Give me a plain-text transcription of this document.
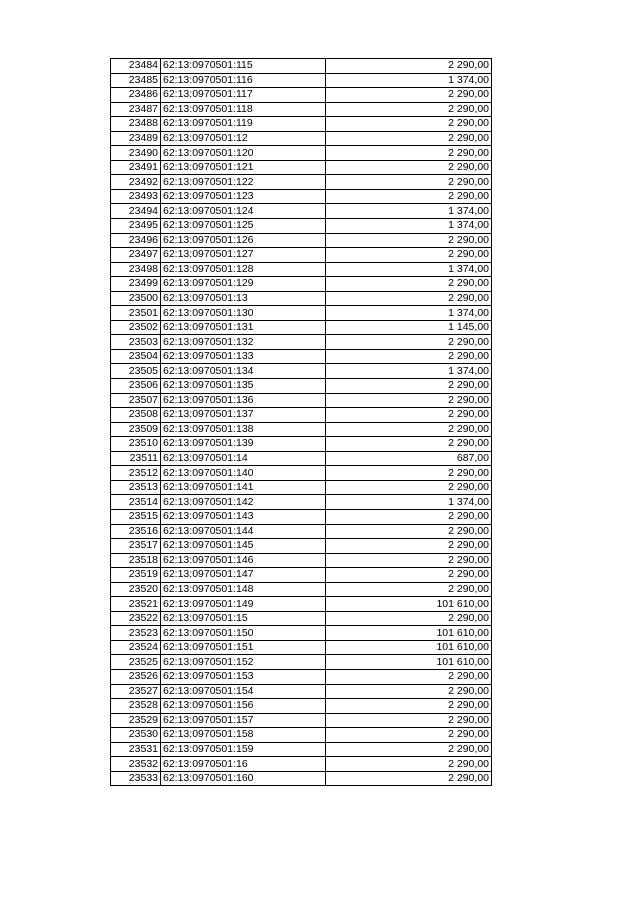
23484	62:13:0970501:115	2 290,00
23485	62:13:0970501:116	1 374,00
23486	62:13:0970501:117	2 290,00
23487	62:13:0970501:118	2 290,00
23488	62:13:0970501:119	2 290,00
23489	62:13:0970501:12	2 290,00
23490	62:13:0970501:120	2 290,00
23491	62:13:0970501:121	2 290,00
23492	62:13:0970501:122	2 290,00
23493	62:13:0970501:123	2 290,00
23494	62:13:0970501:124	1 374,00
23495	62:13:0970501:125	1 374,00
23496	62:13:0970501:126	2 290,00
23497	62:13:0970501:127	2 290,00
23498	62:13:0970501:128	1 374,00
23499	62:13:0970501:129	2 290,00
23500	62:13:0970501:13	2 290,00
23501	62:13:0970501:130	1 374,00
23502	62:13:0970501:131	1 145,00
23503	62:13:0970501:132	2 290,00
23504	62:13:0970501:133	2 290,00
23505	62:13:0970501:134	1 374,00
23506	62:13:0970501:135	2 290,00
23507	62:13:0970501:136	2 290,00
23508	62:13:0970501:137	2 290,00
23509	62:13:0970501:138	2 290,00
23510	62:13:0970501:139	2 290,00
23511	62:13:0970501:14	687,00
23512	62:13:0970501:140	2 290,00
23513	62:13:0970501:141	2 290,00
23514	62:13:0970501:142	1 374,00
23515	62:13:0970501:143	2 290,00
23516	62:13:0970501:144	2 290,00
23517	62:13:0970501:145	2 290,00
23518	62:13:0970501:146	2 290,00
23519	62:13:0970501:147	2 290,00
23520	62:13:0970501:148	2 290,00
23521	62:13:0970501:149	101 610,00
23522	62:13:0970501:15	2 290,00
23523	62:13:0970501:150	101 610,00
23524	62:13:0970501:151	101 610,00
23525	62:13:0970501:152	101 610,00
23526	62:13:0970501:153	2 290,00
23527	62:13:0970501:154	2 290,00
23528	62:13:0970501:156	2 290,00
23529	62:13:0970501:157	2 290,00
23530	62:13:0970501:158	2 290,00
23531	62:13:0970501:159	2 290,00
23532	62:13:0970501:16	2 290,00
23533	62:13:0970501:160	2 290,00
